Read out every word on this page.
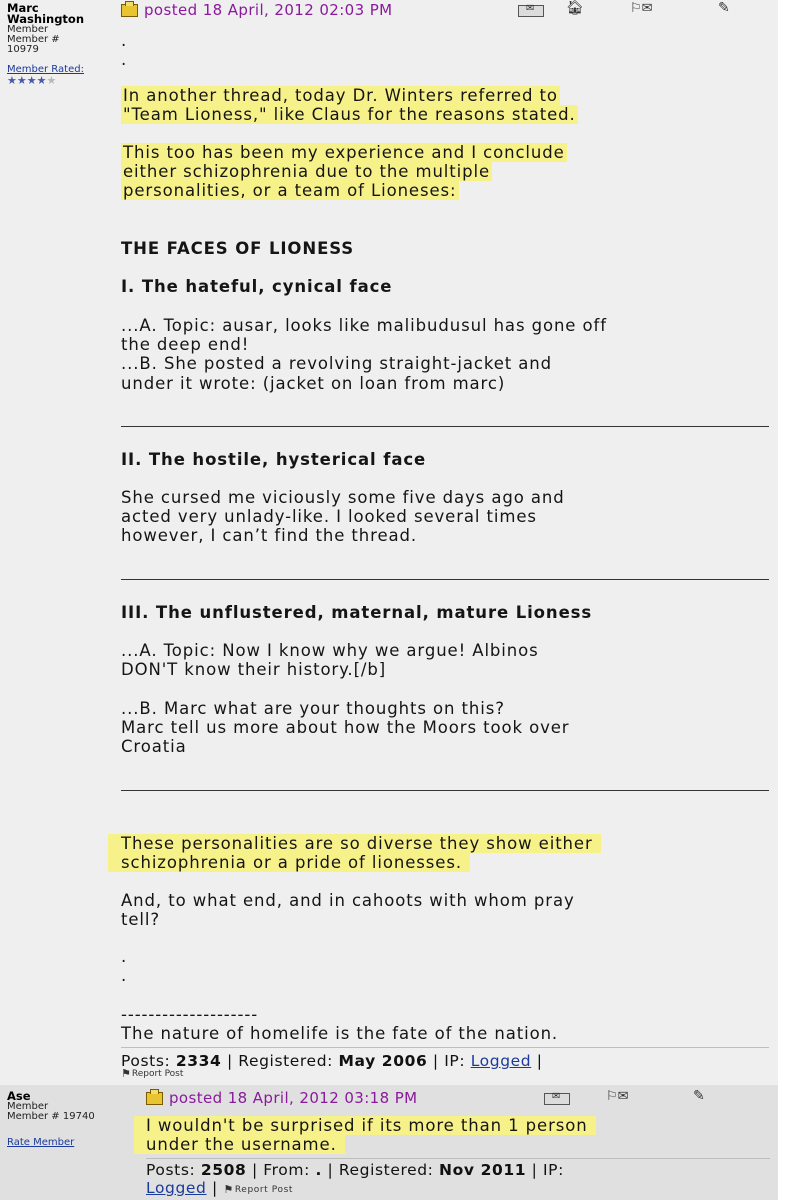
Marc
Washington
Member
Member #
10979
Member Rated:
★★★★★
posted 18 April, 2012 02:03 PM ✉	🏠︎	⚐✉	✎
.
.
In another thread, today Dr. Winters referred to
"Team Lioness," like Claus for the reasons stated.
This too has been my experience and I conclude
either schizophrenia due to the multiple
personalities, or a team of Lioneses:
THE FACES OF LIONESS
I. The hateful, cynical face
...A. Topic: ausar, looks like malibudusul has gone off
the deep end!
...B. She posted a revolving straight-jacket and
under it wrote: (jacket on loan from marc)
II. The hostile, hysterical face
She cursed me viciously some five days ago and
acted very unlady-like. I looked several times
however, I can’t find the thread.
III. The unflustered, maternal, mature Lioness
...A. Topic: Now I know why we argue! Albinos
DON'T know their history.[/b]
...B. Marc what are your thoughts on this?
Marc tell us more about how the Moors took over
Croatia
These personalities are so diverse they show either
schizophrenia or a pride of lionesses.
And, to what end, and in cahoots with whom pray
tell?
.
.
--------------------
The nature of homelife is the fate of the nation.
Posts: 2334 | Registered: May 2006 | IP: Logged |
⚑ Report Post
Ase
Member
Member # 19740
Rate Member
posted 18 April, 2012 03:18 PM ✉	⚐✉	✎
I wouldn't be surprised if its more than 1 person
under the username.
Posts: 2508 | From: . | Registered: Nov 2011 | IP:
Logged | ⚑ Report Post
